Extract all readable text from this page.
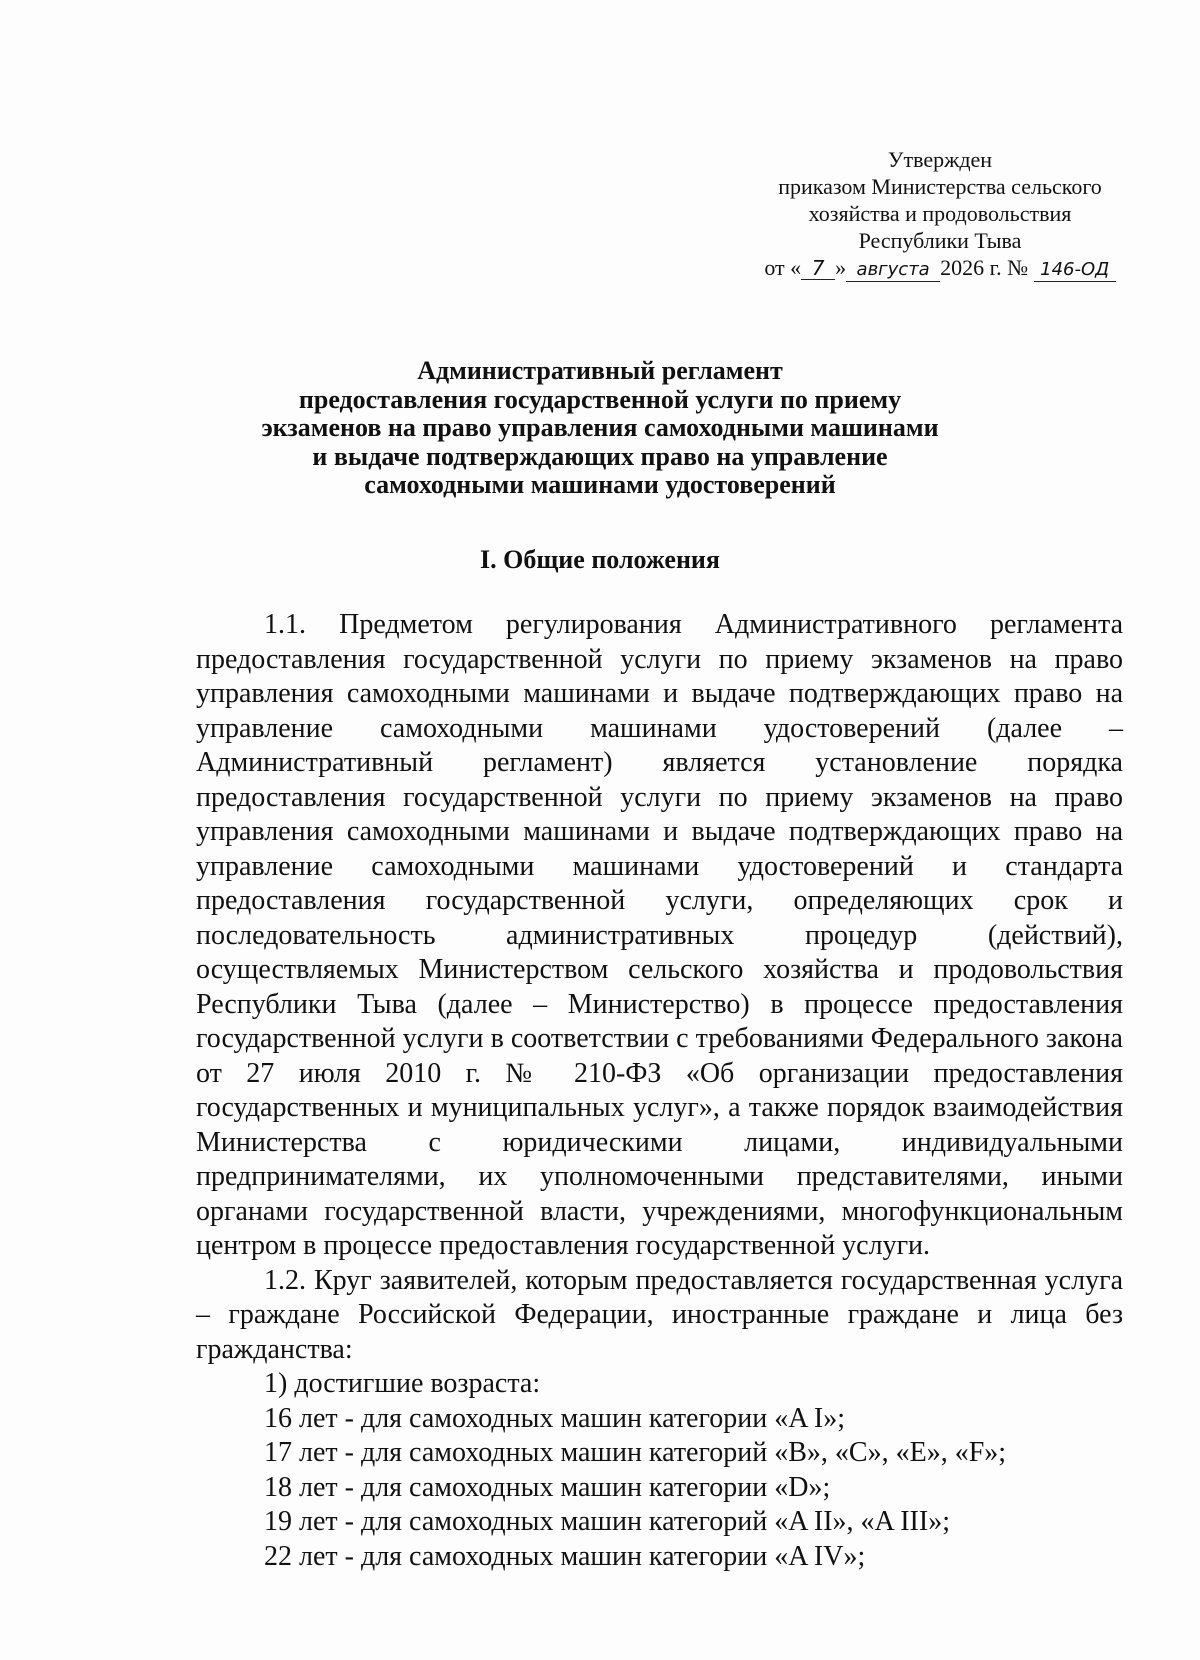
Утвержден
приказом Министерства сельского
хозяйства и продовольствия
Республики Тыва
от « 7 » августа 2026 г. № 146-ОД
Административный регламент
предоставления государственной услуги по приему
экзаменов на право управления самоходными машинами
и выдаче подтверждающих право на управление
самоходными машинами удостоверений
I. Общие положения

1.1. Предметом регулирования Административного регламента предоставления государственной услуги по приему экзаменов на право управления самоходными машинами и выдаче подтверждающих право на управление самоходными машинами удостоверений (далее – Административный регламент) является установление порядка предоставления государственной услуги по приему экзаменов на право управления самоходными машинами и выдаче подтверждающих право на управление самоходными машинами удостоверений и стандарта предоставления государственной услуги, определяющих срок и последовательность административных процедур (действий), осуществляемых Министерством сельского хозяйства и продовольствия Республики Тыва (далее – Министерство) в процессе предоставления государственной услуги в соответствии с требованиями Федерального закона от 27 июля 2010 г. № 210-ФЗ «Об организации предоставления государственных и муниципальных услуг», а также порядок взаимодействия Министерства с юридическими лицами, индивидуальными предпринимателями, их уполномоченными представителями, иными органами государственной власти, учреждениями, многофункциональным центром в процессе предоставления государственной услуги.

1.2. Круг заявителей, которым предоставляется государственная услуга – граждане Российской Федерации, иностранные граждане и лица без гражданства:

1) достигшие возраста:

16 лет - для самоходных машин категории «A I»;

17 лет - для самоходных машин категорий «B», «C», «E», «F»;

18 лет - для самоходных машин категории «D»;

19 лет - для самоходных машин категорий «A II», «A III»;

22 лет - для самоходных машин категории «A IV»;
